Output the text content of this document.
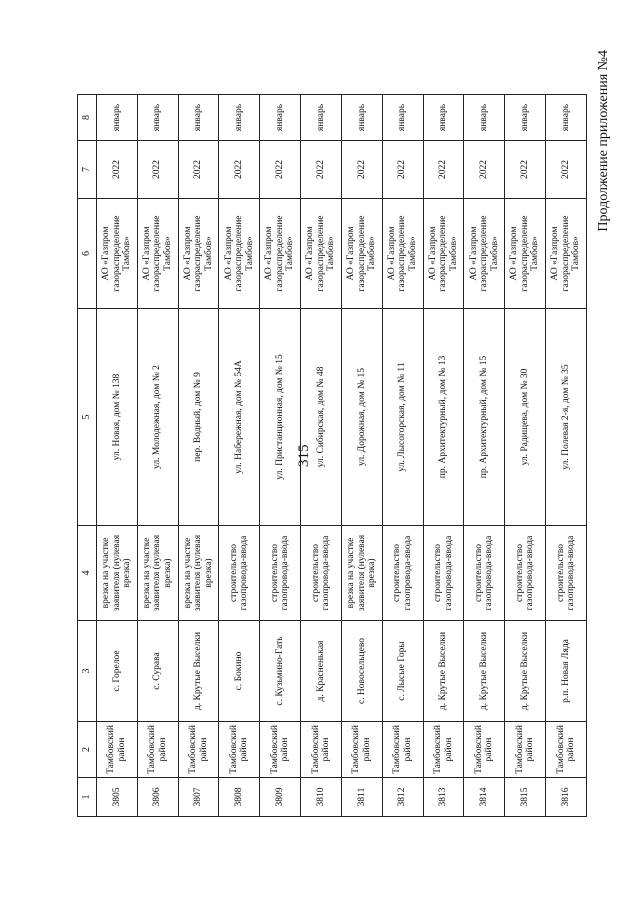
315
Продолжение приложения №4
1	2	3	4	5	6	7	8
3805	Тамбовский район	с. Горелое	врезка на участке заявителя (нулевая врезка)	ул. Новая, дом № 138	АО «Газпром газораспределение Тамбов»	2022	январь
3806	Тамбовский район	с. Сурава	врезка на участке заявителя (нулевая врезка)	ул. Молодежная, дом № 2	АО «Газпром газораспределение Тамбов»	2022	январь
3807	Тамбовский район	д. Крутые Выселки	врезка на участке заявителя (нулевая врезка)	пер. Водный, дом № 9	АО «Газпром газораспределение Тамбов»	2022	январь
3808	Тамбовский район	с. Бокино	строительство газопровода-ввода	ул. Набережная, дом № 54А	АО «Газпром газораспределение Тамбов»	2022	январь
3809	Тамбовский район	с. Кузьмино-Гать	строительство газопровода-ввода	ул. Пристанционная, дом № 15	АО «Газпром газораспределение Тамбов»	2022	январь
3810	Тамбовский район	д. Красненькая	строительство газопровода-ввода	ул. Сибирская, дом № 48	АО «Газпром газораспределение Тамбов»	2022	январь
3811	Тамбовский район	с. Новосельцево	врезка на участке заявителя (нулевая врезка)	ул. Дорожная, дом № 15	АО «Газпром газораспределение Тамбов»	2022	январь
3812	Тамбовский район	с. Лысые Горы	строительство газопровода-ввода	ул. Лысогорская, дом № 11	АО «Газпром газораспределение Тамбов»	2022	январь
3813	Тамбовский район	д. Крутые Выселки	строительство газопровода-ввода	пр. Архитектурный, дом № 13	АО «Газпром газораспределение Тамбов»	2022	январь
3814	Тамбовский район	д. Крутые Выселки	строительство газопровода-ввода	пр. Архитектурный, дом № 15	АО «Газпром газораспределение Тамбов»	2022	январь
3815	Тамбовский район	д. Крутые Выселки	строительство газопровода-ввода	ул. Радищева, дом № 30	АО «Газпром газораспределение Тамбов»	2022	январь
3816	Тамбовский район	р.п. Новая Ляда	строительство газопровода-ввода	ул. Полевая 2-я, дом № 35	АО «Газпром газораспределение Тамбов»	2022	январь
